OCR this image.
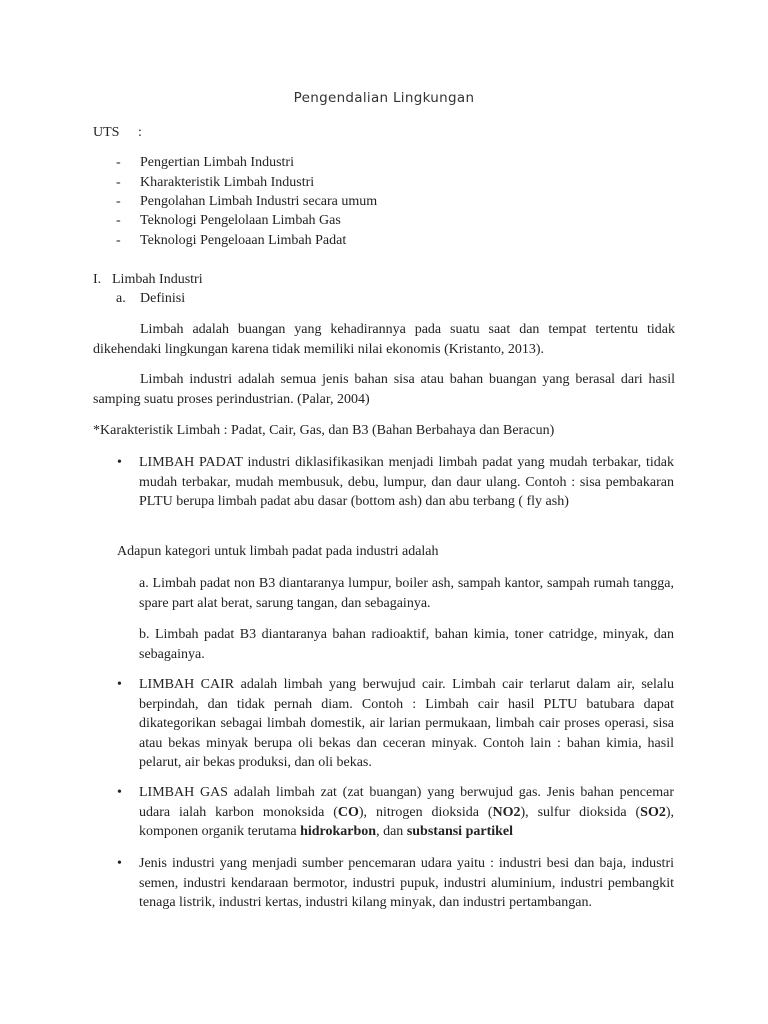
Pengendalian Lingkungan
UTS :
- Pengertian Limbah Industri
- Kharakteristik Limbah Industri
- Pengolahan Limbah Industri secara umum
- Teknologi Pengelolaan Limbah Gas
- Teknologi Pengeloaan Limbah Padat
I. Limbah Industri
a. Definisi
Limbah adalah buangan yang kehadirannya pada suatu saat dan tempat tertentu tidak dikehendaki lingkungan karena tidak memiliki nilai ekonomis (Kristanto, 2013).
Limbah industri adalah semua jenis bahan sisa atau bahan buangan yang berasal dari hasil samping suatu proses perindustrian. (Palar, 2004)
*Karakteristik Limbah : Padat, Cair, Gas, dan B3 (Bahan Berbahaya dan Beracun)
• LIMBAH PADAT industri diklasifikasikan menjadi limbah padat yang mudah terbakar, tidak mudah terbakar, mudah membusuk, debu, lumpur, dan daur ulang. Contoh : sisa pembakaran PLTU berupa limbah padat abu dasar (bottom ash) dan abu terbang ( fly ash)
Adapun kategori untuk limbah padat pada industri adalah
a. Limbah padat non B3 diantaranya lumpur, boiler ash, sampah kantor, sampah rumah tangga, spare part alat berat, sarung tangan, dan sebagainya.
b. Limbah padat B3 diantaranya bahan radioaktif, bahan kimia, toner catridge, minyak, dan sebagainya.
• LIMBAH CAIR adalah limbah yang berwujud cair. Limbah cair terlarut dalam air, selalu berpindah, dan tidak pernah diam. Contoh : Limbah cair hasil PLTU batubara dapat dikategorikan sebagai limbah domestik, air larian permukaan, limbah cair proses operasi, sisa atau bekas minyak berupa oli bekas dan ceceran minyak. Contoh lain : bahan kimia, hasil pelarut, air bekas produksi, dan oli bekas.
• LIMBAH GAS adalah limbah zat (zat buangan) yang berwujud gas. Jenis bahan pencemar udara ialah karbon monoksida (CO), nitrogen dioksida (NO2), sulfur dioksida (SO2), komponen organik terutama hidrokarbon, dan substansi partikel
• Jenis industri yang menjadi sumber pencemaran udara yaitu : industri besi dan baja, industri semen, industri kendaraan bermotor, industri pupuk, industri aluminium, industri pembangkit tenaga listrik, industri kertas, industri kilang minyak, dan industri pertambangan.
